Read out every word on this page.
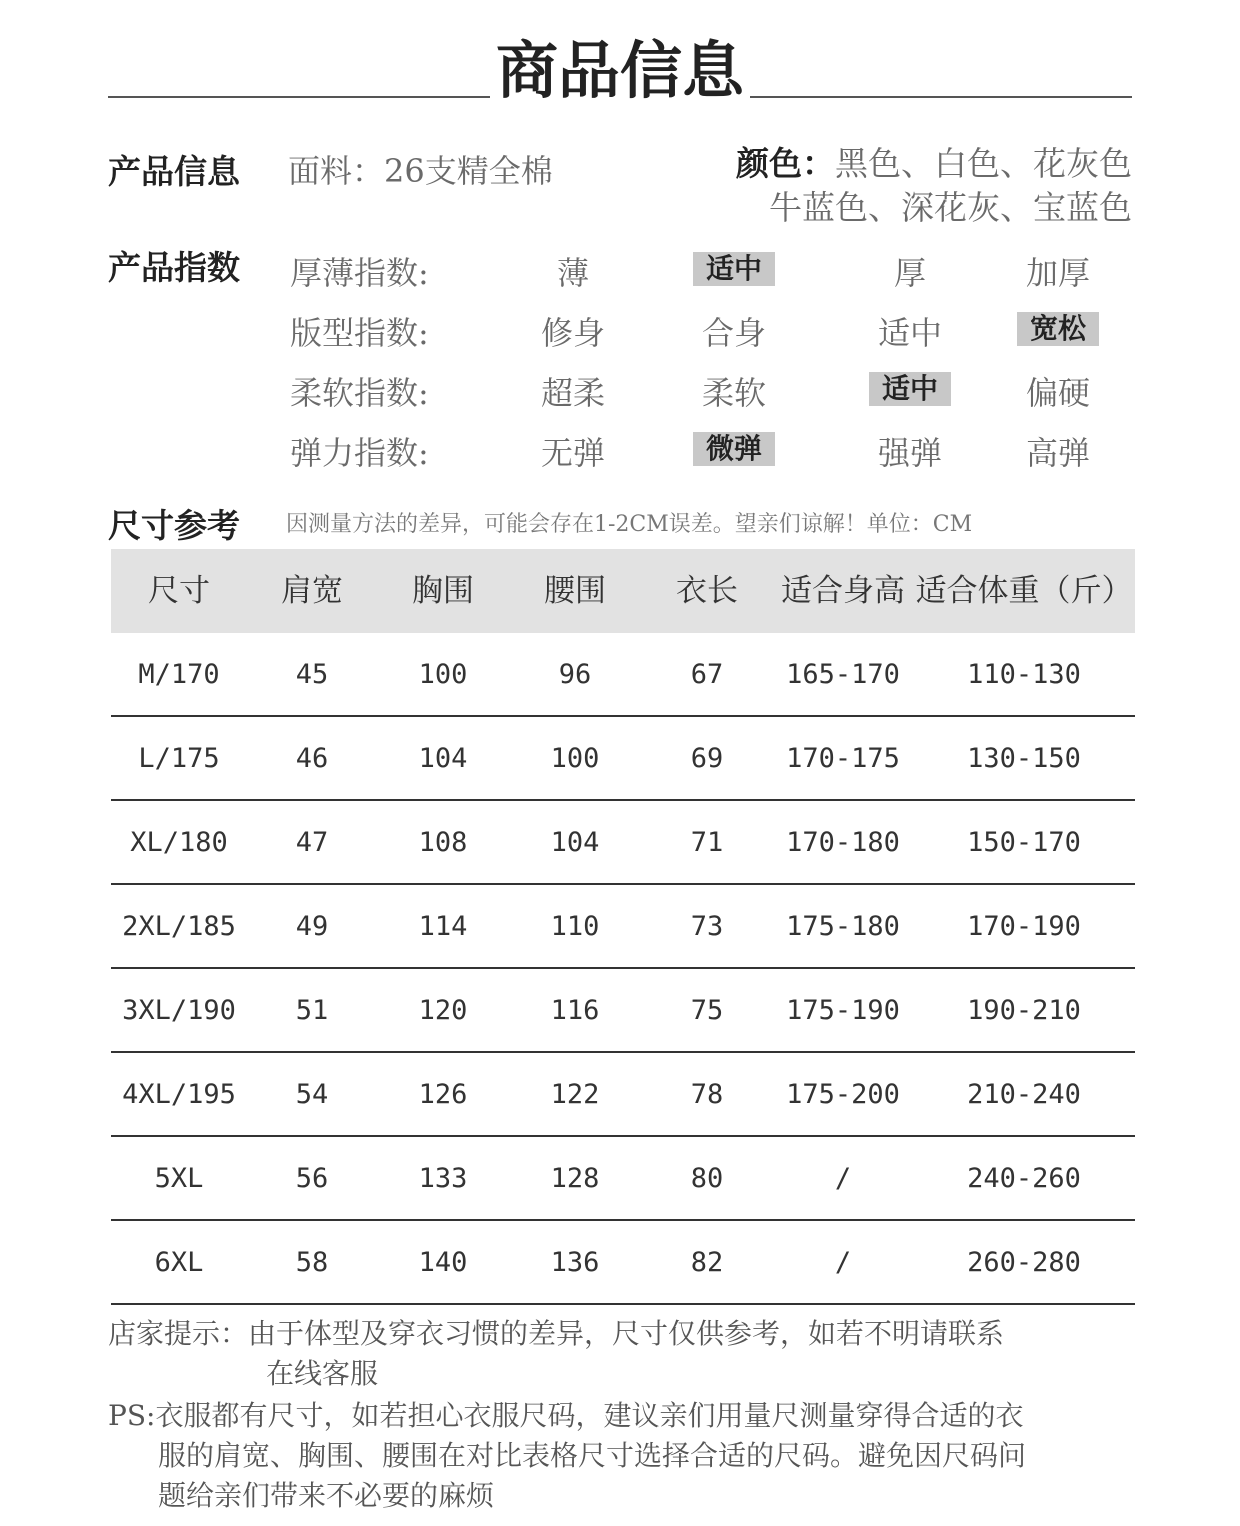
商品信息
产品信息 面料：26支精全棉	颜色：黑色、白色、花灰色
牛蓝色、深花灰、宝蓝色
产品指数 厚薄指数:	薄	适中	厚	加厚
版型指数:	修身	合身	适中	宽松
柔软指数:	超柔	柔软	适中	偏硬
弹力指数:	无弹	微弹	强弹	高弹
尺寸参考 因测量方法的差异，可能会存在1-2CM误差。望亲们谅解！单位：CM
尺寸	肩宽	胸围	腰围	衣长	适合身高 适合体重（斤）
M/170	45	100	96	67	165-170	110-130
L/175	46	104	100	69	170-175	130-150
XL/180	47	108	104	71	170-180	150-170
2XL/185	49	114	110	73	175-180	170-190
3XL/190	51	120	116	75	175-190	190-210
4XL/195	54	126	122	78	175-200	210-240
5XL	56	133	128	80	/	240-260
6XL	58	140	136	82	/	260-280
店家提示：由于体型及穿衣习惯的差异，尺寸仅供参考，如若不明请联系
在线客服
PS:衣服都有尺寸，如若担心衣服尺码，建议亲们用量尺测量穿得合适的衣
服的肩宽、胸围、腰围在对比表格尺寸选择合适的尺码。避免因尺码问
题给亲们带来不必要的麻烦
